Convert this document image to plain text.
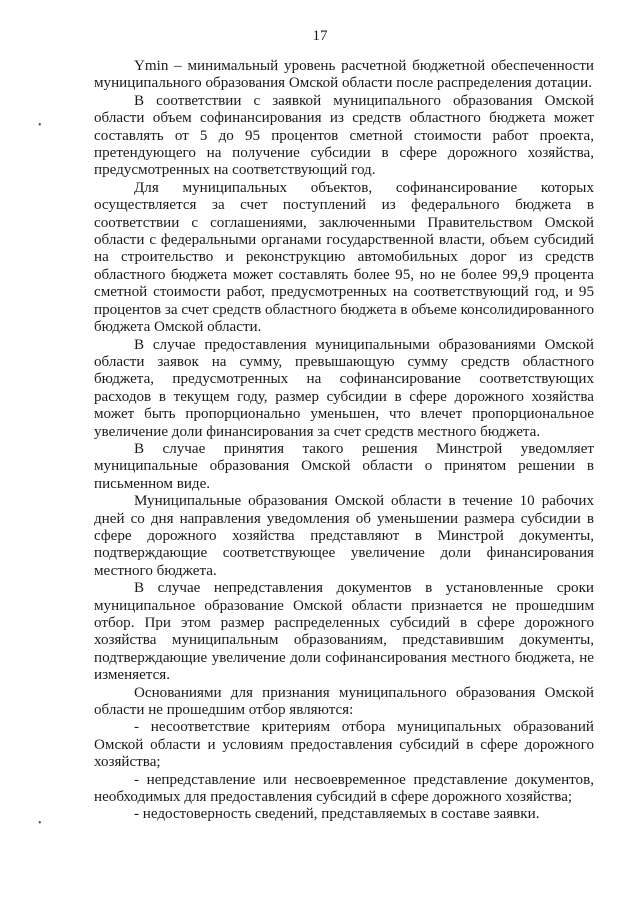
17
•
•

Ymin – минимальный уровень расчетной бюджетной обеспеченности муниципального образования Омской области после распределения дотации.

В соответствии с заявкой муниципального образования Омской области объем софинансирования из средств областного бюджета может составлять от 5 до 95 процентов сметной стоимости работ проекта, претендующего на получение субсидии в сфере дорожного хозяйства, предусмотренных на соответствующий год.

Для муниципальных объектов, софинансирование которых осуществляется за счет поступлений из федерального бюджета в соответствии с соглашениями, заключенными Правительством Омской области с федеральными органами государственной власти, объем субсидий на строительство и реконструкцию автомобильных дорог из средств областного бюджета может составлять более 95, но не более 99,9 процента сметной стоимости работ, предусмотренных на соответствующий год, и 95 процентов за счет средств областного бюджета в объеме консолидированного бюджета Омской области.

В случае предоставления муниципальными образованиями Омской области заявок на сумму, превышающую сумму средств областного бюджета, предусмотренных на софинансирование соответствующих расходов в текущем году, размер субсидии в сфере дорожного хозяйства может быть пропорционально уменьшен, что влечет пропорциональное увеличение доли финансирования за счет средств местного бюджета.

В случае принятия такого решения Минстрой уведомляет муниципальные образования Омской области о принятом решении в письменном виде.

Муниципальные образования Омской области в течение 10 рабочих дней со дня направления уведомления об уменьшении размера субсидии в сфере дорожного хозяйства представляют в Минстрой документы, подтверждающие соответствующее увеличение доли финансирования местного бюджета.

В случае непредставления документов в установленные сроки муниципальное образование Омской области признается не прошедшим отбор. При этом размер распределенных субсидий в сфере дорожного хозяйства муниципальным образованиям, представившим документы, подтверждающие увеличение доли софинансирования местного бюджета, не изменяется.

Основаниями для признания муниципального образования Омской области не прошедшим отбор являются:

- несоответствие критериям отбора муниципальных образований Омской области и условиям предоставления субсидий в сфере дорожного хозяйства;

- непредставление или несвоевременное представление документов, необходимых для предоставления субсидий в сфере дорожного хозяйства;

- недостоверность сведений, представляемых в составе заявки.
